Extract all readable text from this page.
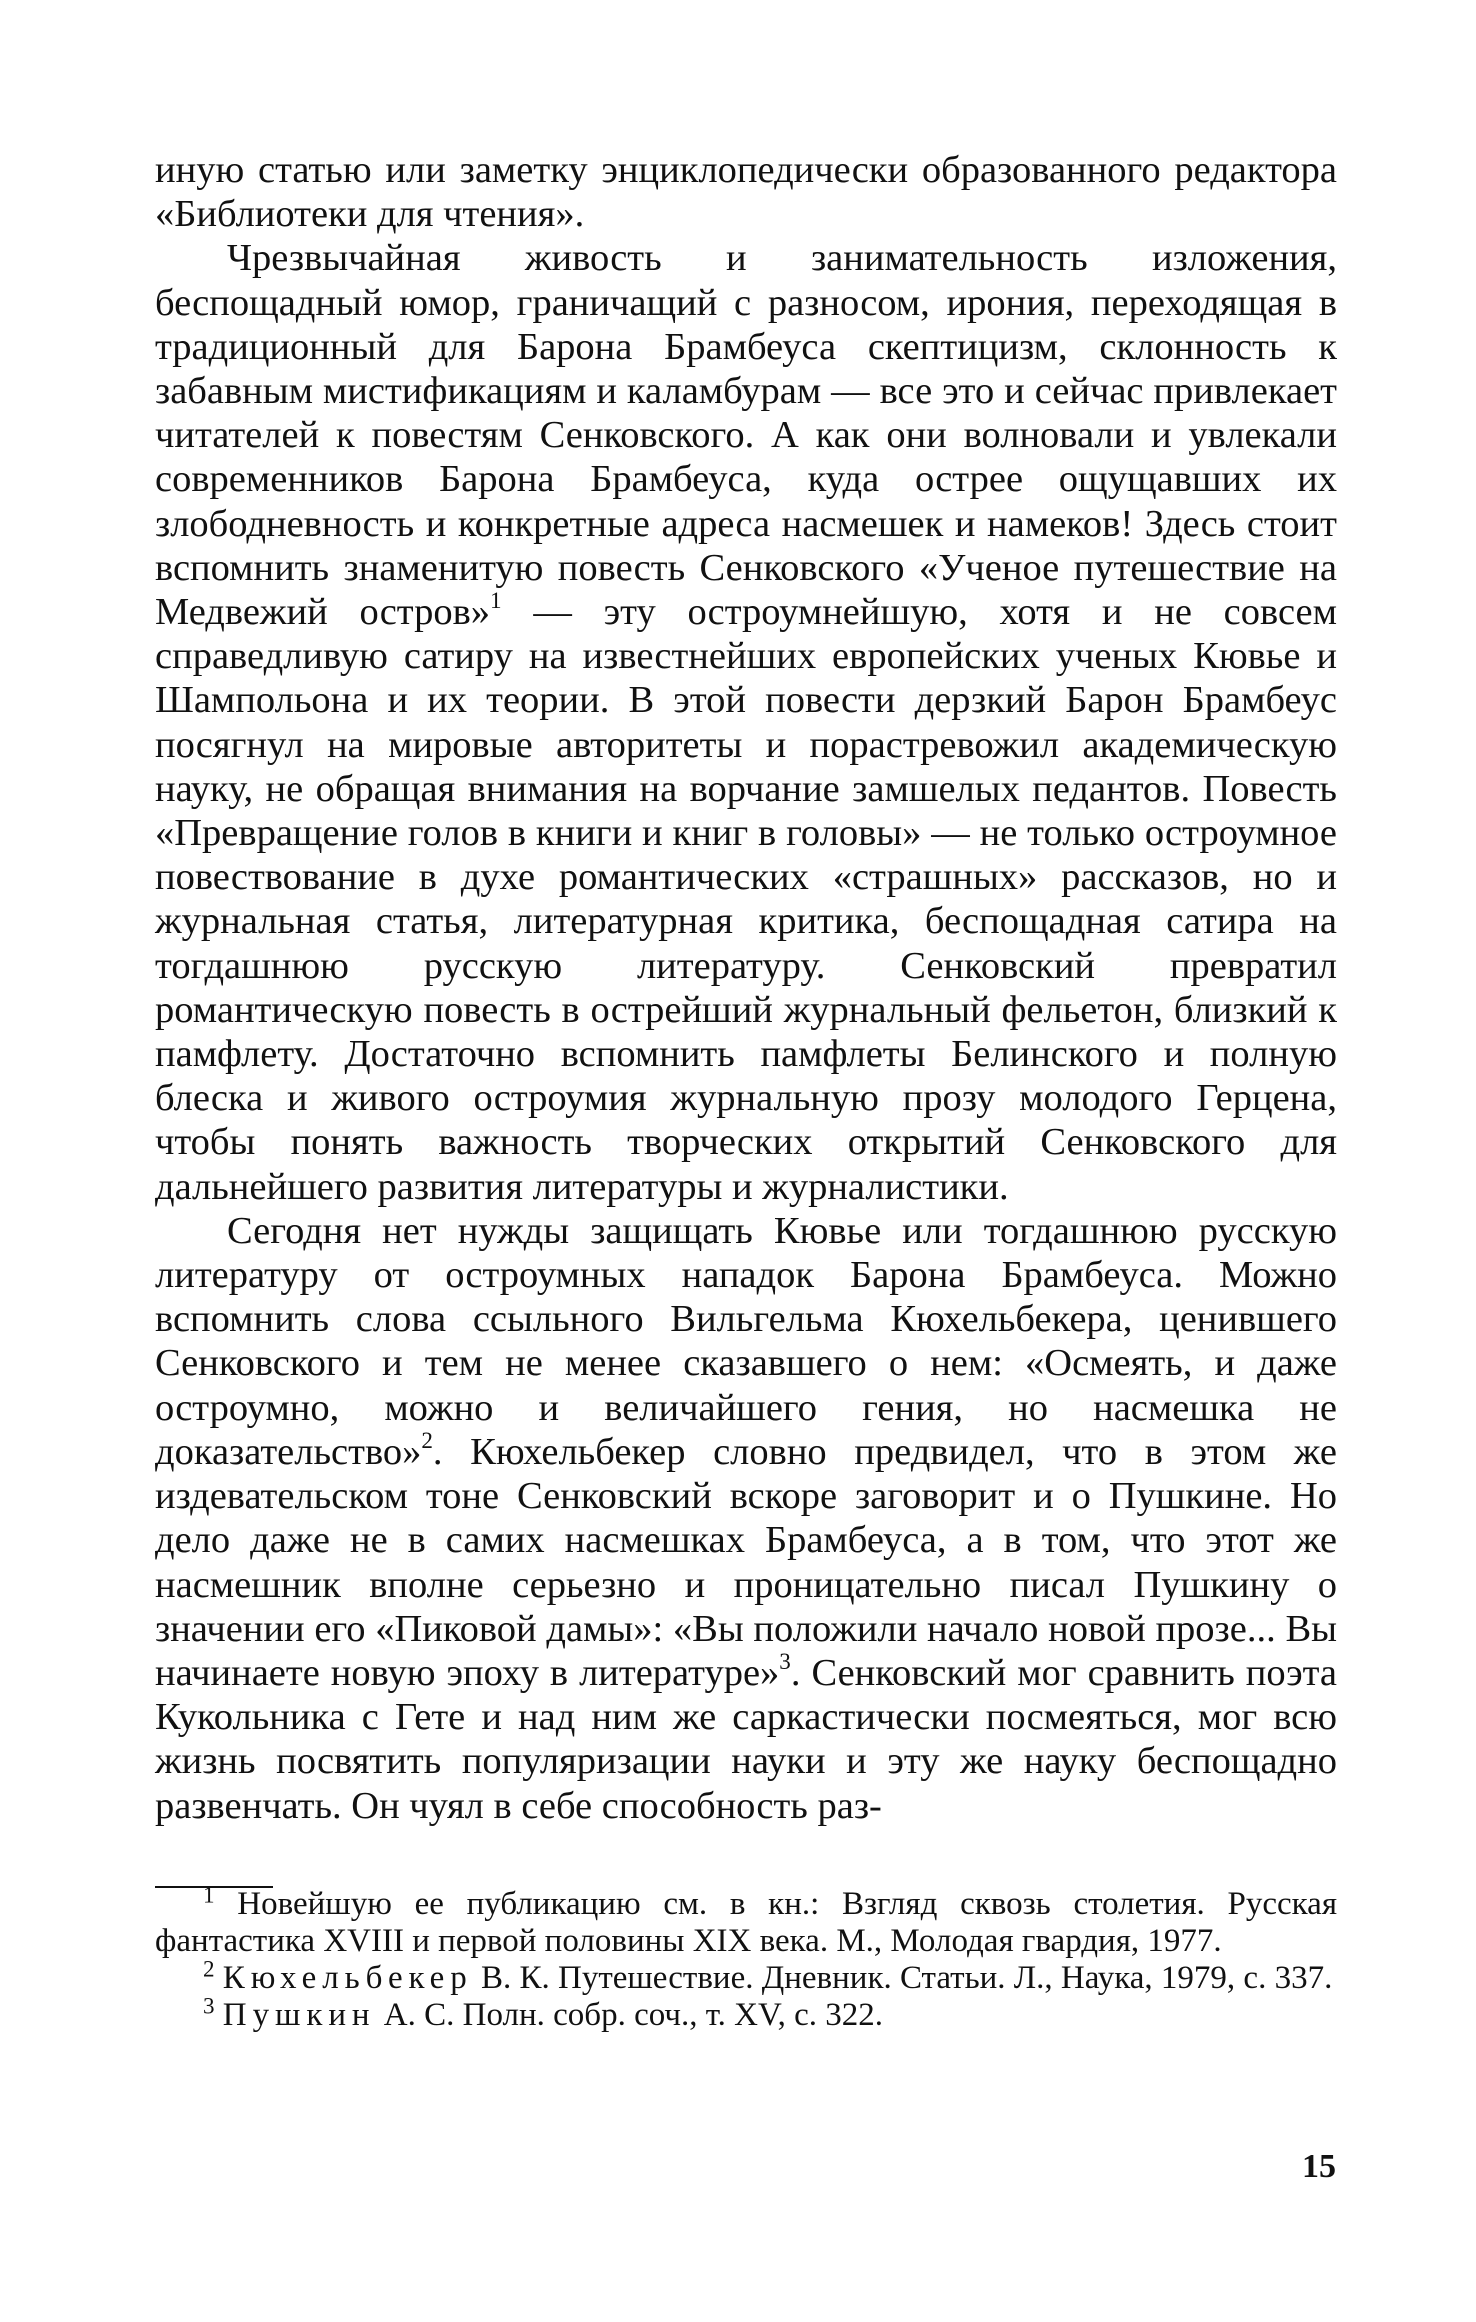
иную статью или заметку энциклопедически образованного редактора «Библиотеки для чтения».

Чрезвычайная живость и занимательность изложения, беспощадный юмор, граничащий с разносом, ирония, переходящая в традиционный для Барона Брамбеуса скептицизм, склонность к забавным мистификациям и каламбурам — все это и сейчас привлекает читателей к повестям Сенковского. А как они волновали и увлекали современников Барона Брамбеуса, куда острее ощущавших их злободневность и конкретные адреса насмешек и намеков! Здесь стоит вспомнить знаменитую повесть Сенковского «Ученое путешествие на Медвежий остров»$^1$ — эту остроумнейшую, хотя и не совсем справедливую сатиру на известнейших европейских ученых Кювье и Шампольона и их теории. В этой повести дерзкий Барон Брамбеус посягнул на мировые авторитеты и порастревожил академическую науку, не обращая внимания на ворчание замшелых педантов. Повесть «Превращение голов в книги и книг в головы» — не только остроумное повествование в духе романтических «страшных» рассказов, но и журнальная статья, литературная критика, беспощадная сатира на тогдашнюю русскую литературу. Сенковский превратил романтическую повесть в острейший журнальный фельетон, близкий к памфлету. Достаточно вспомнить памфлеты Белинского и полную блеска и живого остроумия журнальную прозу молодого Герцена, чтобы понять важность творческих открытий Сенковского для дальнейшего развития литературы и журналистики.

Сегодня нет нужды защищать Кювье или тогдашнюю русскую литературу от остроумных нападок Барона Брамбеуса. Можно вспомнить слова ссыльного Вильгельма Кюхельбекера, ценившего Сенковского и тем не менее сказавшего о нем: «Осмеять, и даже остроумно, можно и величайшего гения, но насмешка не доказательство»$^2$. Кюхельбекер словно предвидел, что в этом же издевательском тоне Сенковский вскоре заговорит и о Пушкине. Но дело даже не в самих насмешках Брамбеуса, а в том, что этот же насмешник вполне серьезно и проницательно писал Пушкину о значении его «Пиковой дамы»: «Вы положили начало новой прозе... Вы начинаете новую эпоху в литературе»$^3$. Сенковский мог сравнить поэта Кукольника с Гете и над ним же саркастически посмеяться, мог всю жизнь посвятить популяризации науки и эту же науку беспощадно развенчать. Он чуял в себе способность раз-

$^1$ Новейшую ее публикацию см. в кн.: Взгляд сквозь столетия. Русская фантастика XVIII и первой половины XIX века. М., Молодая гвардия, 1977.

$^2$ Кюхельбекер В. К. Путешествие. Дневник. Статьи. Л., Наука, 1979, с. 337.

$^3$ Пушкин А. С. Полн. собр. соч., т. XV, с. 322.

15
